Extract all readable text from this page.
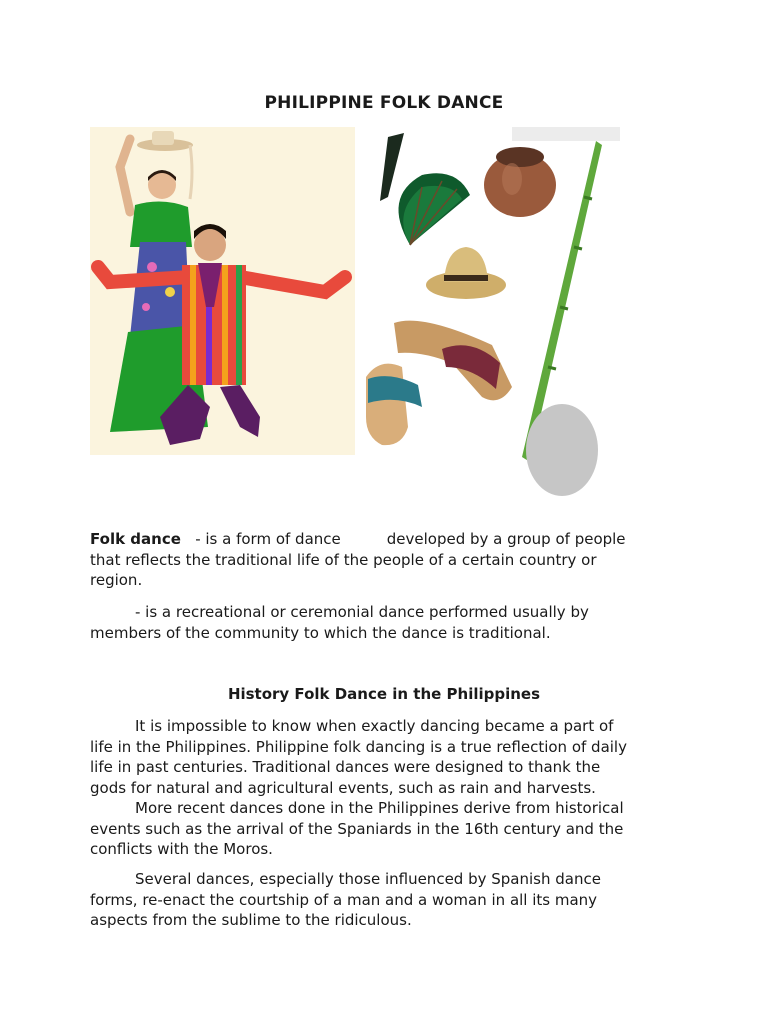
PHILIPPINE FOLK DANCE

Folk dance - is a form of dance	developed by a group of people
that reflects the traditional life of the people of a certain country or
region.

- is a recreational or ceremonial dance performed usually by
members of the community to which the dance is traditional.

History Folk Dance in the Philippines

It is impossible to know when exactly dancing became a part of
life in the Philippines. Philippine folk dancing is a true reflection of daily
life in past centuries. Traditional dances were designed to thank the
gods for natural and agricultural events, such as rain and harvests.
More recent dances done in the Philippines derive from historical
events such as the arrival of the Spaniards in the 16th century and the
conflicts with the Moros.

Several dances, especially those influenced by Spanish dance
forms, re-enact the courtship of a man and a woman in all its many
aspects from the sublime to the ridiculous.
